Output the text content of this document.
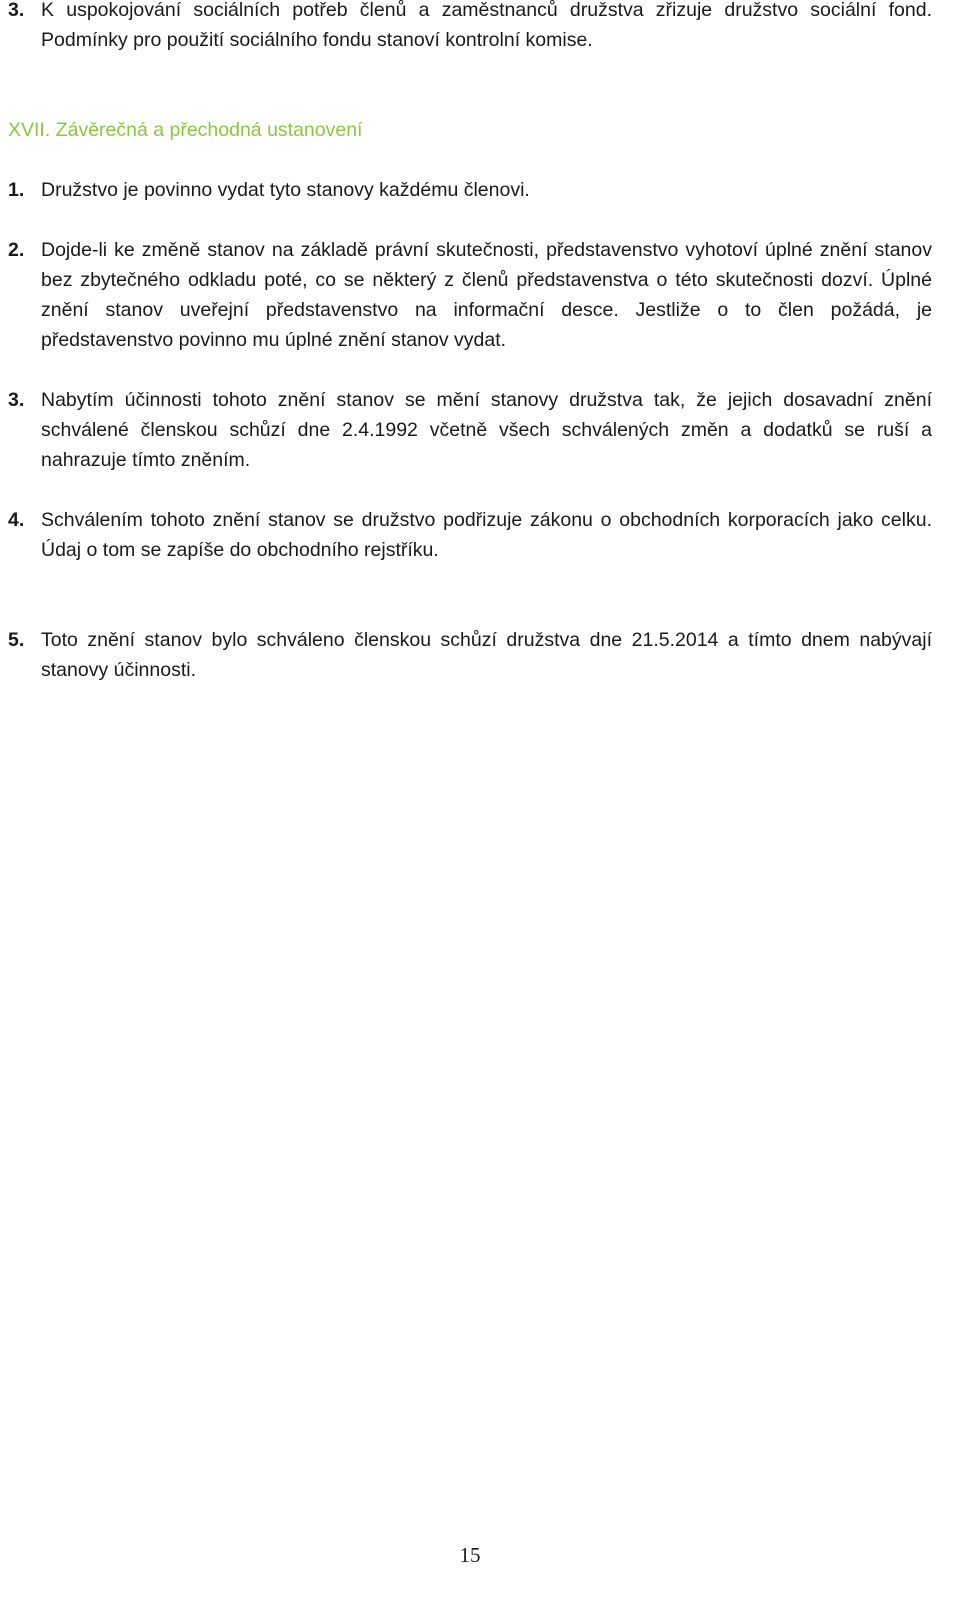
3. K uspokojování sociálních potřeb členů a zaměstnanců družstva zřizuje družstvo sociální fond. Podmínky pro použití sociálního fondu stanoví kontrolní komise.
XVII. Závěrečná a přechodná ustanovení
1. Družstvo je povinno vydat tyto stanovy každému členovi.
2. Dojde-li ke změně stanov na základě právní skutečnosti, představenstvo vyhotoví úplné znění stanov bez zbytečného odkladu poté, co se některý z členů představenstva o této skutečnosti dozví. Úplné znění stanov uveřejní představenstvo na informační desce. Jestliže o to člen požádá, je představenstvo povinno mu úplné znění stanov vydat.
3. Nabytím účinnosti tohoto znění stanov se mění stanovy družstva tak, že jejich dosavadní znění schválené členskou schůzí dne 2.4.1992 včetně všech schválených změn a dodatků se ruší a nahrazuje tímto zněním.
4. Schválením tohoto znění stanov se družstvo podřizuje zákonu o obchodních korporacích jako celku. Údaj o tom se zapíše do obchodního rejstříku.
5. Toto znění stanov bylo schváleno členskou schůzí družstva dne 21.5.2014 a tímto dnem nabývají stanovy účinnosti.

15
